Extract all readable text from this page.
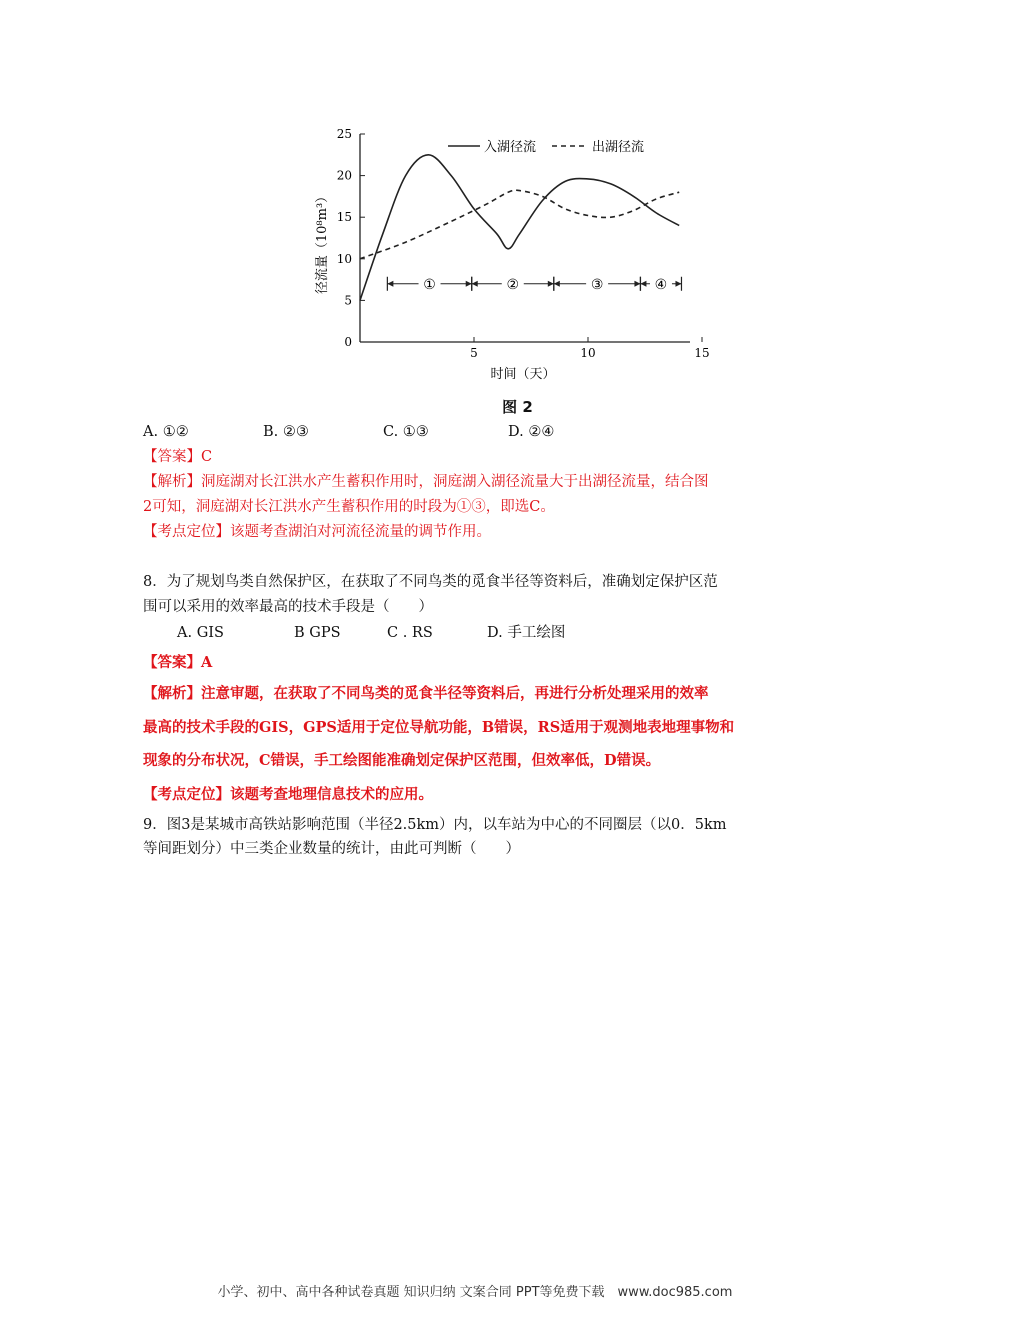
0
5
10
15
20
25
5	10	15
①	②	③	④
入湖径流	出湖径流
径流量（10⁸m³）
时间（天）
图 2
A. ①②	B. ②③	C. ①③	D. ②④
【答案】C
【解析】洞庭湖对长江洪水产生蓄积作用时，洞庭湖入湖径流量大于出湖径流量，结合图
2可知，洞庭湖对长江洪水产生蓄积作用的时段为①③，即选C。
【考点定位】该题考查湖泊对河流径流量的调节作用。
8．为了规划鸟类自然保护区，在获取了不同鸟类的觅食半径等资料后，准确划定保护区范
围可以采用的效率最高的技术手段是（　　）
A. GIS	B GPS	C . RS	D. 手工绘图
【答案】A
【解析】注意审题，在获取了不同鸟类的觅食半径等资料后，再进行分析处理采用的效率
最高的技术手段的GIS，GPS适用于定位导航功能，B错误，RS适用于观测地表地理事物和
现象的分布状况，C错误，手工绘图能准确划定保护区范围，但效率低，D错误。
【考点定位】该题考查地理信息技术的应用。
9．图3是某城市高铁站影响范围（半径2.5km）内，以车站为中心的不同圈层（以0．5km
等间距划分）中三类企业数量的统计，由此可判断（　　）
小学、初中、高中各种试卷真题 知识归纳 文案合同 PPT等免费下载　www.doc985.com
